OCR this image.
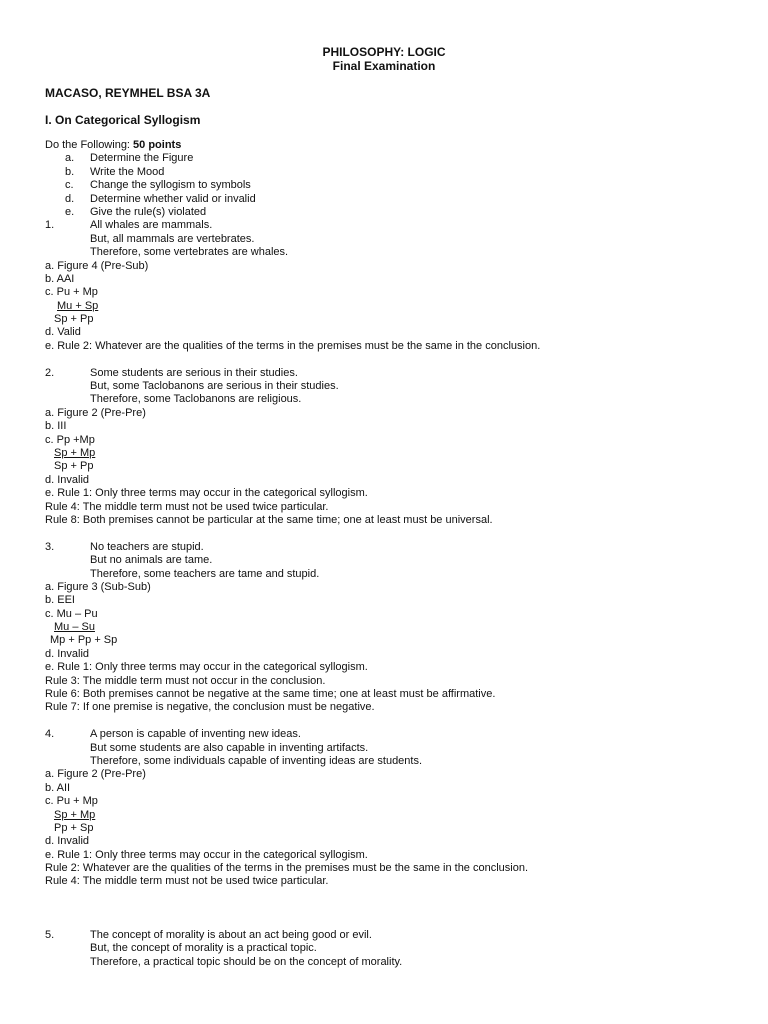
PHILOSOPHY: LOGIC
Final Examination
MACASO, REYMHEL BSA 3A
I. On Categorical Syllogism
Do the Following: 50 points
a. Determine the Figure
b. Write the Mood
c. Change the syllogism to symbols
d. Determine whether valid or invalid
e. Give the rule(s) violated
1.	All whales are mammals.
But, all mammals are vertebrates.
Therefore, some vertebrates are whales.
a. Figure 4 (Pre-Sub)
b. AAI
c. Pu + Mp
Mu + Sp
Sp + Pp
d. Valid
e. Rule 2: Whatever are the qualities of the terms in the premises must be the same in the conclusion.
2.	Some students are serious in their studies.
But, some Taclobanons are serious in their studies.
Therefore, some Taclobanons are religious.
a. Figure 2 (Pre-Pre)
b. III
c. Pp +Mp
Sp + Mp
Sp + Pp
d. Invalid
e. Rule 1: Only three terms may occur in the categorical syllogism.
Rule 4: The middle term must not be used twice particular.
Rule 8: Both premises cannot be particular at the same time; one at least must be universal.
3.	No teachers are stupid.
But no animals are tame.
Therefore, some teachers are tame and stupid.
a. Figure 3 (Sub-Sub)
b. EEI
c. Mu – Pu
Mu – Su
Mp + Pp + Sp
d. Invalid
e. Rule 1: Only three terms may occur in the categorical syllogism.
Rule 3: The middle term must not occur in the conclusion.
Rule 6: Both premises cannot be negative at the same time; one at least must be affirmative.
Rule 7: If one premise is negative, the conclusion must be negative.
4.	A person is capable of inventing new ideas.
But some students are also capable in inventing artifacts.
Therefore, some individuals capable of inventing ideas are students.
a. Figure 2 (Pre-Pre)
b. AII
c. Pu + Mp
Sp + Mp
Pp + Sp
d. Invalid
e. Rule 1: Only three terms may occur in the categorical syllogism.
Rule 2: Whatever are the qualities of the terms in the premises must be the same in the conclusion.
Rule 4: The middle term must not be used twice particular.
5.	The concept of morality is about an act being good or evil.
But, the concept of morality is a practical topic.
Therefore, a practical topic should be on the concept of morality.
